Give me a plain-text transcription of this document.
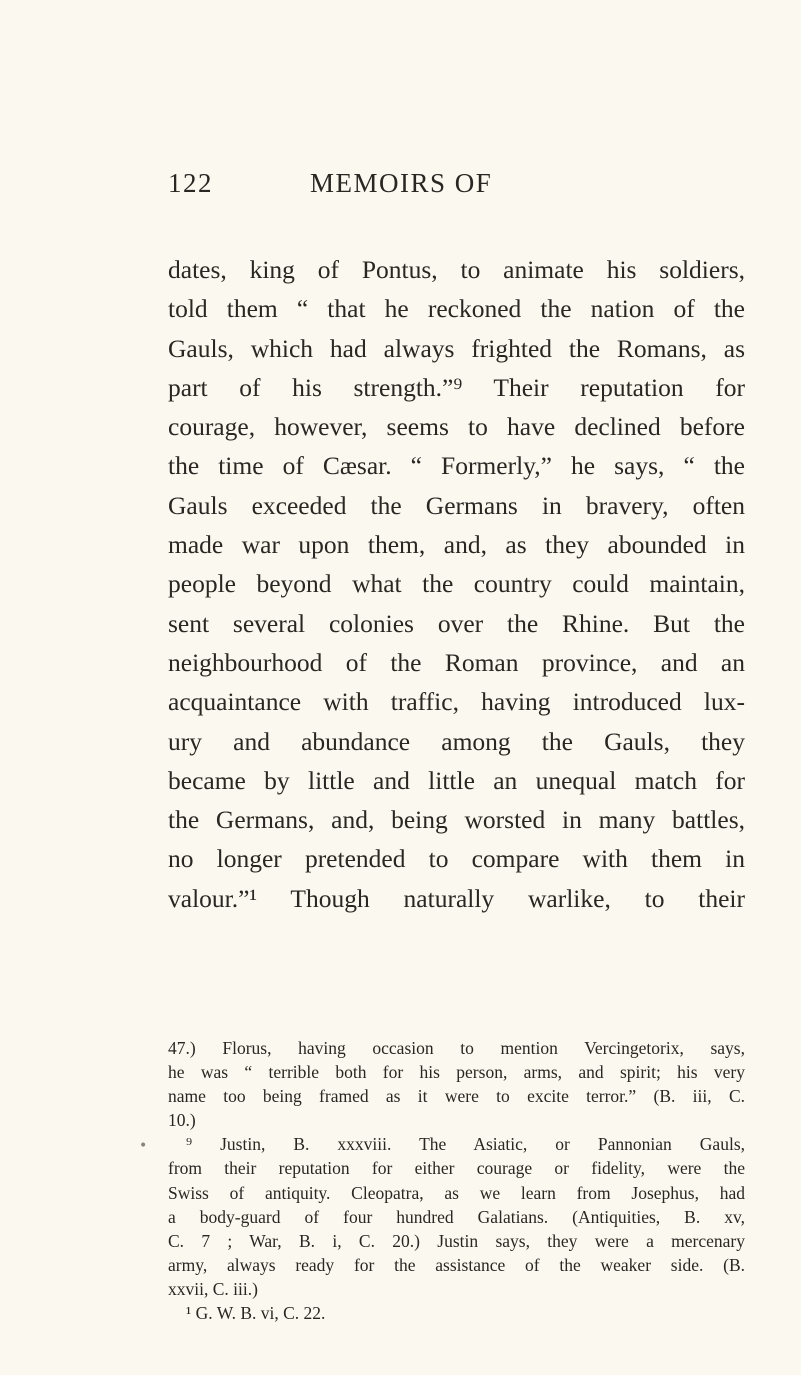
122	MEMOIRS OF
dates, king of Pontus, to animate his soldiers,
told them “ that he reckoned the nation of the
Gauls, which had always frighted the Romans, as
part of his strength.”⁹ Their reputation for
courage, however, seems to have declined before
the time of Cæsar. “ Formerly,” he says, “ the
Gauls exceeded the Germans in bravery, often
made war upon them, and, as they abounded in
people beyond what the country could maintain,
sent several colonies over the Rhine. But the
neighbourhood of the Roman province, and an
acquaintance with traffic, having introduced lux-
ury and abundance among the Gauls, they
became by little and little an unequal match for
the Germans, and, being worsted in many battles,
no longer pretended to compare with them in
valour.”¹ Though naturally warlike, to their
47.) Florus, having occasion to mention Vercingetorix, says,
he was “ terrible both for his person, arms, and spirit; his very
name too being framed as it were to excite terror.” (B. iii, C.
10.)
⁹ Justin, B. xxxviii. The Asiatic, or Pannonian Gauls,
from their reputation for either courage or fidelity, were the
Swiss of antiquity. Cleopatra, as we learn from Josephus, had
a body-guard of four hundred Galatians. (Antiquities, B. xv,
C. 7 ; War, B. i, C. 20.) Justin says, they were a mercenary
army, always ready for the assistance of the weaker side. (B.
xxvii, C. iii.)
¹ G. W. B. vi, C. 22.
•
